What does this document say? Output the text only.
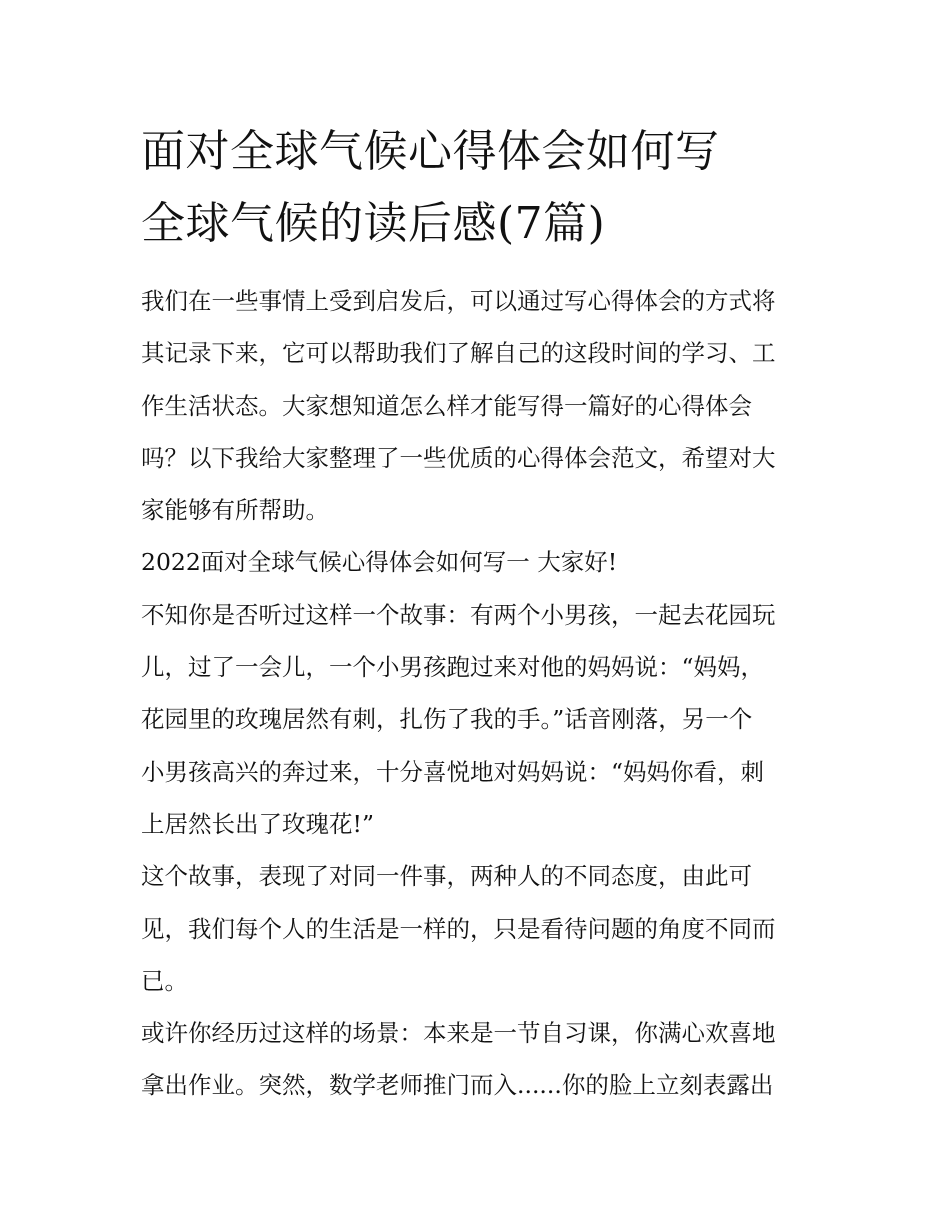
面对全球气候心得体会如何写
全球气候的读后感(7篇)
我们在一些事情上受到启发后，可以通过写心得体会的方式将
其记录下来，它可以帮助我们了解自己的这段时间的学习、工
作生活状态。大家想知道怎么样才能写得一篇好的心得体会
吗？以下我给大家整理了一些优质的心得体会范文，希望对大
家能够有所帮助。
2022面对全球气候心得体会如何写一 大家好!
不知你是否听过这样一个故事：有两个小男孩，一起去花园玩
儿，过了一会儿，一个小男孩跑过来对他的妈妈说：“妈妈，
花园里的玫瑰居然有刺，扎伤了我的手。”话音刚落，另一个
小男孩高兴的奔过来，十分喜悦地对妈妈说：“妈妈你看，刺
上居然长出了玫瑰花!”
这个故事，表现了对同一件事，两种人的不同态度，由此可
见，我们每个人的生活是一样的，只是看待问题的角度不同而
已。
或许你经历过这样的场景：本来是一节自习课，你满心欢喜地
拿出作业。突然，数学老师推门而入......你的脸上立刻表露出
